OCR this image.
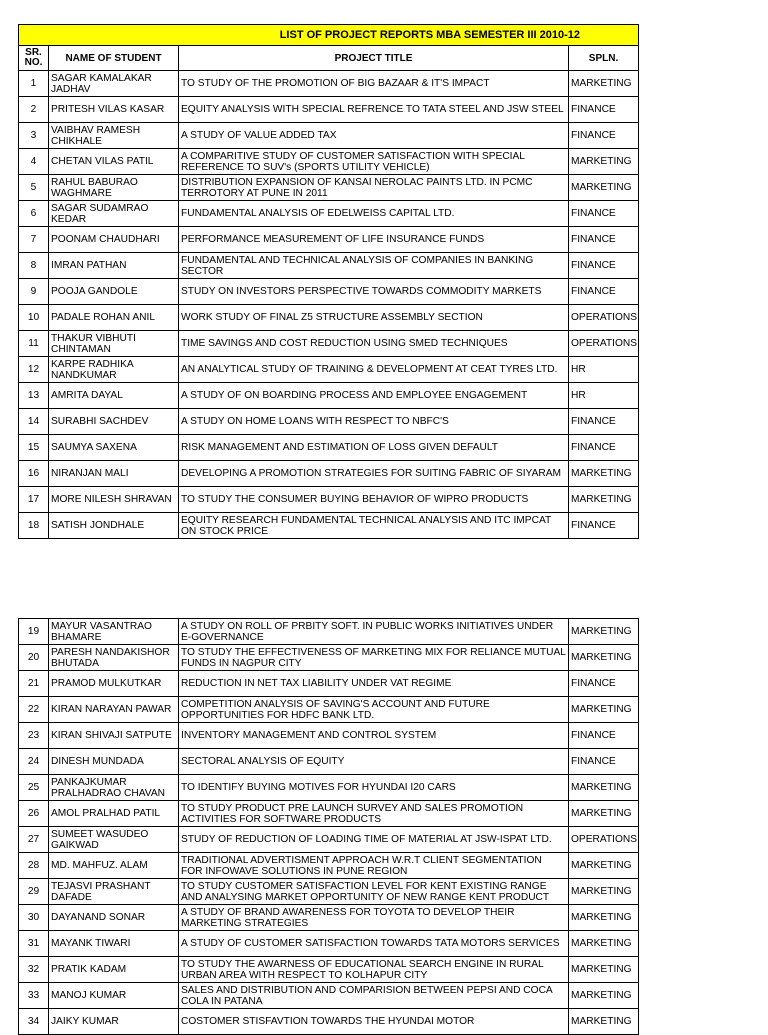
	LIST OF PROJECT REPORTS MBA SEMESTER III 2010-12		
SR.
NO.	NAME OF STUDENT	PROJECT TITLE	SPLN.
1	SAGAR KAMALAKAR JADHAV	TO STUDY OF THE PROMOTION OF BIG BAZAAR & IT'S IMPACT	MARKETING
2	PRITESH VILAS KASAR	EQUITY ANALYSIS WITH SPECIAL REFRENCE TO TATA STEEL AND JSW STEEL	FINANCE
3	VAIBHAV RAMESH CHIKHALE	A STUDY OF VALUE ADDED TAX	FINANCE
4	CHETAN VILAS PATIL	A COMPARITIVE STUDY OF CUSTOMER SATISFACTION WITH SPECIAL REFERENCE TO SUV's (SPORTS UTILITY VEHICLE)	MARKETING
5	RAHUL BABURAO WAGHMARE	DISTRIBUTION EXPANSION OF KANSAI NEROLAC PAINTS LTD. IN PCMC TERROTORY AT PUNE IN 2011	MARKETING
6	SAGAR SUDAMRAO KEDAR	FUNDAMENTAL ANALYSIS OF EDELWEISS CAPITAL LTD.	FINANCE
7	POONAM CHAUDHARI	PERFORMANCE MEASUREMENT OF LIFE INSURANCE FUNDS	FINANCE
8	IMRAN PATHAN	FUNDAMENTAL AND TECHNICAL ANALYSIS OF COMPANIES IN BANKING SECTOR	FINANCE
9	POOJA GANDOLE	STUDY ON INVESTORS PERSPECTIVE TOWARDS COMMODITY MARKETS	FINANCE
10	PADALE ROHAN ANIL	WORK STUDY OF FINAL Z5 STRUCTURE ASSEMBLY SECTION	OPERATIONS
11	THAKUR VIBHUTI CHINTAMAN	TIME SAVINGS AND COST REDUCTION USING SMED TECHNIQUES	OPERATIONS
12	KARPE RADHIKA NANDKUMAR	AN ANALYTICAL STUDY OF TRAINING & DEVELOPMENT AT CEAT TYRES LTD.	HR
13	AMRITA DAYAL	A STUDY OF ON BOARDING PROCESS AND EMPLOYEE ENGAGEMENT	HR
14	SURABHI SACHDEV	A STUDY ON HOME LOANS WITH RESPECT TO NBFC'S	FINANCE
15	SAUMYA SAXENA	RISK MANAGEMENT AND ESTIMATION OF LOSS GIVEN DEFAULT	FINANCE
16	NIRANJAN MALI	DEVELOPING A PROMOTION STRATEGIES FOR SUITING FABRIC OF SIYARAM	MARKETING
17	MORE NILESH SHRAVAN	TO STUDY THE CONSUMER BUYING BEHAVIOR OF WIPRO PRODUCTS	MARKETING
18	SATISH JONDHALE	EQUITY RESEARCH FUNDAMENTAL TECHNICAL ANALYSIS AND ITC IMPCAT ON STOCK PRICE	FINANCE
19	MAYUR VASANTRAO BHAMARE	A STUDY ON ROLL OF PRBITY SOFT. IN PUBLIC WORKS INITIATIVES UNDER E-GOVERNANCE	MARKETING
20	PARESH NANDAKISHOR BHUTADA	TO STUDY THE EFFECTIVENESS OF MARKETING MIX FOR RELIANCE MUTUAL FUNDS IN NAGPUR CITY	MARKETING
21	PRAMOD MULKUTKAR	REDUCTION IN NET TAX LIABILITY UNDER VAT REGIME	FINANCE
22	KIRAN NARAYAN PAWAR	COMPETITION ANALYSIS OF SAVING'S ACCOUNT AND FUTURE OPPORTUNITIES FOR HDFC BANK LTD.	MARKETING
23	KIRAN SHIVAJI SATPUTE	INVENTORY MANAGEMENT AND CONTROL SYSTEM	FINANCE
24	DINESH MUNDADA	SECTORAL ANALYSIS OF EQUITY	FINANCE
25	PANKAJKUMAR PRALHADRAO CHAVAN	TO IDENTIFY BUYING MOTIVES FOR HYUNDAI I20 CARS	MARKETING
26	AMOL PRALHAD PATIL	TO STUDY PRODUCT PRE LAUNCH SURVEY AND SALES PROMOTION ACTIVITIES FOR SOFTWARE PRODUCTS	MARKETING
27	SUMEET WASUDEO GAIKWAD	STUDY OF REDUCTION OF LOADING TIME OF MATERIAL AT JSW-ISPAT LTD.	OPERATIONS
28	MD. MAHFUZ. ALAM	TRADITIONAL ADVERTISMENT APPROACH W.R.T CLIENT SEGMENTATION FOR INFOWAVE SOLUTIONS IN PUNE REGION	MARKETING
29	TEJASVI PRASHANT DAFADE	TO STUDY CUSTOMER SATISFACTION LEVEL FOR KENT EXISTING RANGE AND ANALYSING MARKET OPPORTUNITY OF NEW RANGE KENT PRODUCT	MARKETING
30	DAYANAND SONAR	A STUDY OF BRAND AWARENESS FOR TOYOTA TO DEVELOP THEIR MARKETING STRATEGIES	MARKETING
31	MAYANK TIWARI	A STUDY OF CUSTOMER SATISFACTION TOWARDS TATA MOTORS SERVICES	MARKETING
32	PRATIK KADAM	TO STUDY THE AWARNESS OF EDUCATIONAL SEARCH ENGINE IN RURAL URBAN AREA WITH RESPECT TO KOLHAPUR CITY	MARKETING
33	MANOJ KUMAR	SALES AND DISTRIBUTION AND COMPARISION BETWEEN PEPSI AND COCA COLA IN PATANA	MARKETING
34	JAIKY KUMAR	COSTOMER STISFAVTION TOWARDS THE HYUNDAI MOTOR	MARKETING
